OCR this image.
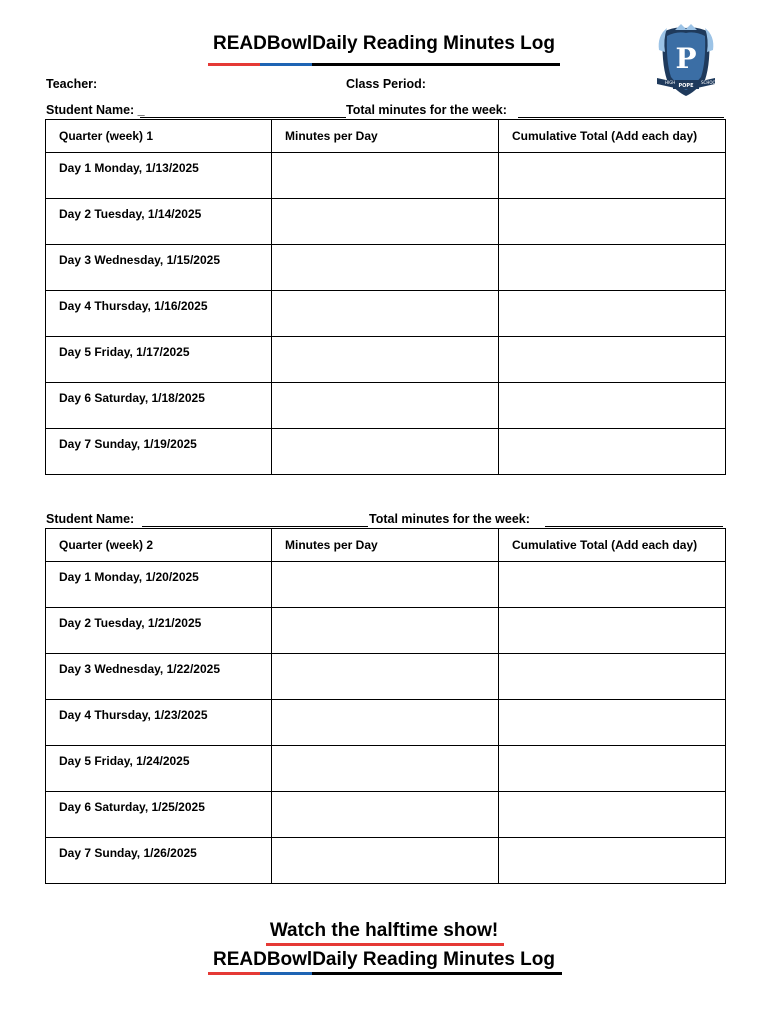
READBowlDaily Reading Minutes Log	P
HIGH
POPE
SCHOOL
Teacher:	Class Period:
Student Name: _	Total minutes for the week:
Quarter (week) 1	Minutes per Day	Cumulative Total (Add each day)
Day 1 Monday, 1/13/2025		
Day 2 Tuesday, 1/14/2025		
Day 3 Wednesday, 1/15/2025		
Day 4 Thursday, 1/16/2025		
Day 5 Friday, 1/17/2025		
Day 6 Saturday, 1/18/2025		
Day 7 Sunday, 1/19/2025		
Student Name:	Total minutes for the week:
Quarter (week) 2	Minutes per Day	Cumulative Total (Add each day)
Day 1 Monday, 1/20/2025		
Day 2 Tuesday, 1/21/2025		
Day 3 Wednesday, 1/22/2025		
Day 4 Thursday, 1/23/2025		
Day 5 Friday, 1/24/2025		
Day 6 Saturday, 1/25/2025		
Day 7 Sunday, 1/26/2025		
Watch the halftime show!
READBowlDaily Reading Minutes Log
